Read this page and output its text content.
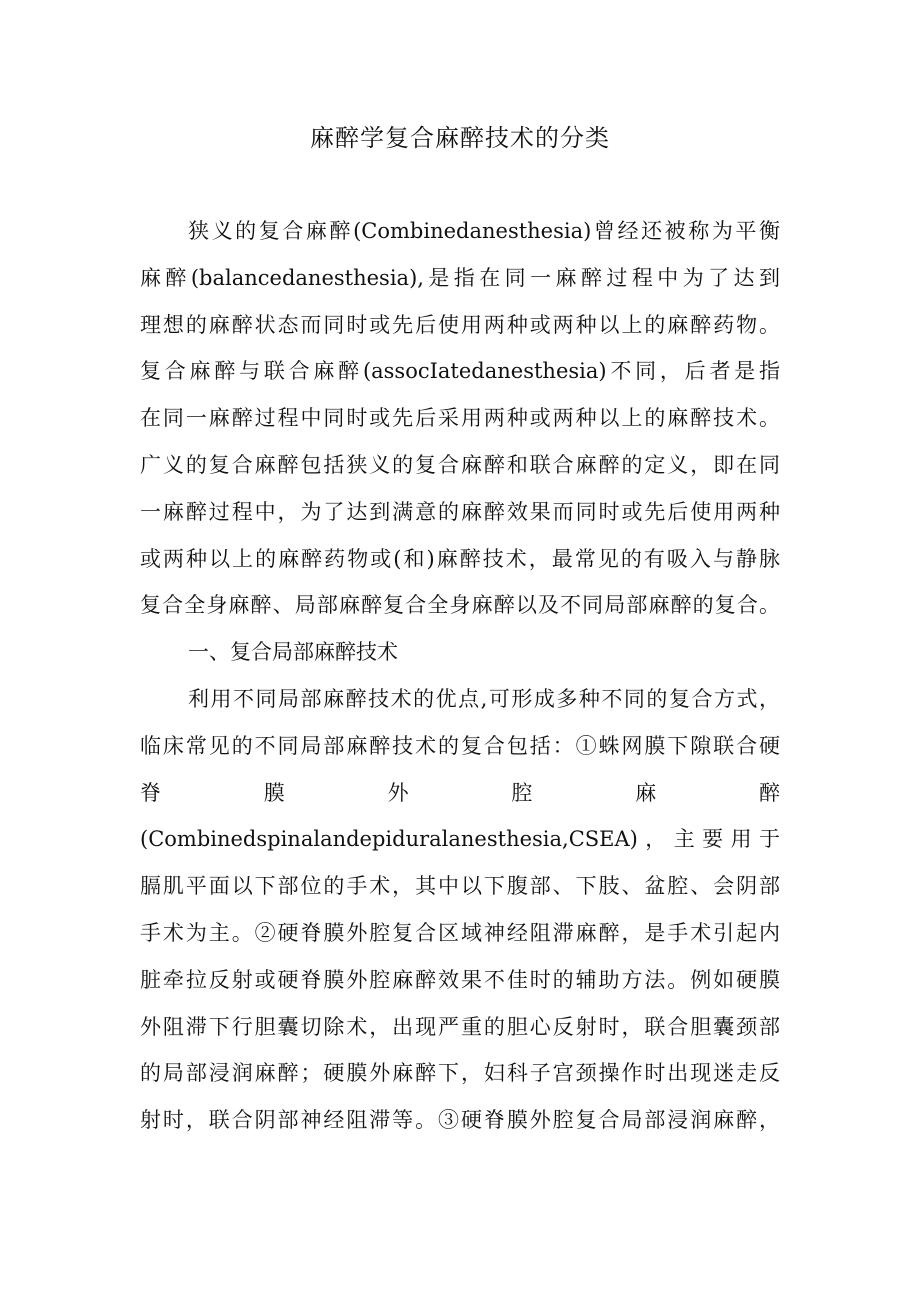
麻醉学复合麻醉技术的分类
狭义的复合麻醉(Combinedanesthesia)曾经还被称为平衡
麻醉(balancedanesthesia),是指在同一麻醉过程中为了达到
理想的麻醉状态而同时或先后使用两种或两种以上的麻醉药物。
复合麻醉与联合麻醉(assocIatedanesthesia)不同，后者是指
在同一麻醉过程中同时或先后采用两种或两种以上的麻醉技术。
广义的复合麻醉包括狭义的复合麻醉和联合麻醉的定义，即在同
一麻醉过程中，为了达到满意的麻醉效果而同时或先后使用两种
或两种以上的麻醉药物或(和)麻醉技术，最常见的有吸入与静脉
复合全身麻醉、局部麻醉复合全身麻醉以及不同局部麻醉的复合。
一、复合局部麻醉技术
利用不同局部麻醉技术的优点,可形成多种不同的复合方式，
临床常见的不同局部麻醉技术的复合包括：①蛛网膜下隙联合硬
脊 膜 外 腔 麻 醉
(Combinedspinalandepiduralanesthesia,CSEA)，主要用于
膈肌平面以下部位的手术，其中以下腹部、下肢、盆腔、会阴部
手术为主。②硬脊膜外腔复合区域神经阻滞麻醉，是手术引起内
脏牵拉反射或硬脊膜外腔麻醉效果不佳时的辅助方法。例如硬膜
外阻滞下行胆囊切除术，出现严重的胆心反射时，联合胆囊颈部
的局部浸润麻醉；硬膜外麻醉下，妇科子宫颈操作时出现迷走反
射时，联合阴部神经阻滞等。③硬脊膜外腔复合局部浸润麻醉，
